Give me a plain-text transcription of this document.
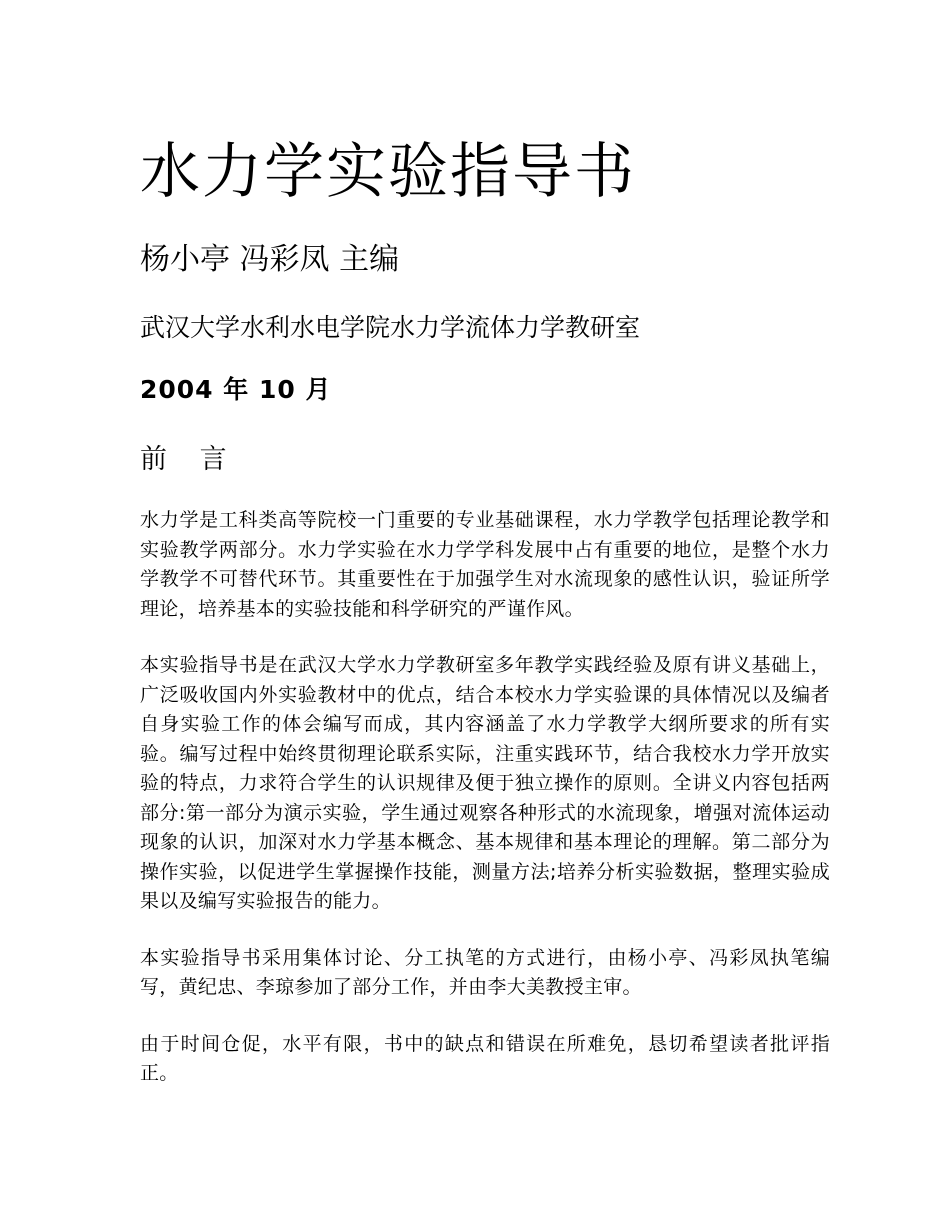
水力学实验指导书
杨小亭 冯彩凤 主编
武汉大学水利水电学院水力学流体力学教研室
2004 年 10 月
前 言

水力学是工科类高等院校一门重要的专业基础课程，水力学教学包括理论教学和实验教学两部分。水力学实验在水力学学科发展中占有重要的地位，是整个水力学教学不可替代环节。其重要性在于加强学生对水流现象的感性认识，验证所学理论，培养基本的实验技能和科学研究的严谨作风。

本实验指导书是在武汉大学水力学教研室多年教学实践经验及原有讲义基础上，广泛吸收国内外实验教材中的优点，结合本校水力学实验课的具体情况以及编者自身实验工作的体会编写而成，其内容涵盖了水力学教学大纲所要求的所有实验。编写过程中始终贯彻理论联系实际，注重实践环节，结合我校水力学开放实验的特点，力求符合学生的认识规律及便于独立操作的原则。全讲义内容包括两部分:第一部分为演示实验，学生通过观察各种形式的水流现象，增强对流体运动现象的认识，加深对水力学基本概念、基本规律和基本理论的理解。第二部分为操作实验，以促进学生掌握操作技能，测量方法;培养分析实验数据，整理实验成果以及编写实验报告的能力。

本实验指导书采用集体讨论、分工执笔的方式进行，由杨小亭、冯彩凤执笔编写，黄纪忠、李琼参加了部分工作，并由李大美教授主审。

由于时间仓促，水平有限，书中的缺点和错误在所难免，恳切希望读者批评指正。
